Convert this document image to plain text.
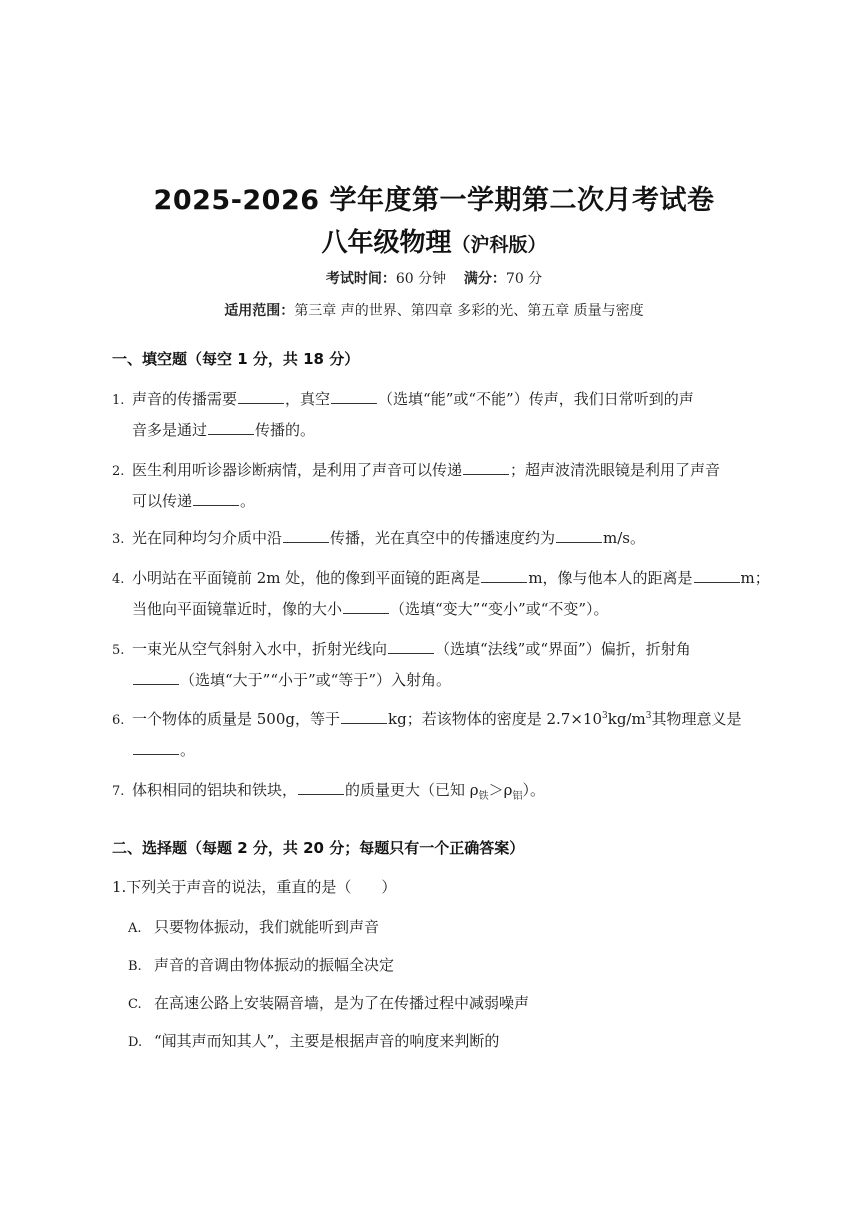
2025-2026 学年度第一学期第二次月考试卷
八年级物理（沪科版）
考试时间：60 分钟 满分：70 分
适用范围：第三章 声的世界、第四章 多彩的光、第五章 质量与密度
一、填空题（每空 1 分，共 18 分）
1. 声音的传播需要	，真空	（选填“能”或“不能”）传声，我们日常听到的声
音多是通过	传播的。
2. 医生利用听诊器诊断病情，是利用了声音可以传递	；超声波清洗眼镜是利用了声音
可以传递	。
3. 光在同种均匀介质中沿	传播，光在真空中的传播速度约为	m/s。
4. 小明站在平面镜前 2m 处，他的像到平面镜的距离是	m，像与他本人的距离是	m；
当他向平面镜靠近时，像的大小	（选填“变大”“变小”或“不变”）。
5. 一束光从空气斜射入水中，折射光线向	（选填“法线”或“界面”）偏折，折射角
（选填“大于”“小于”或“等于”）入射角。
6. 一个物体的质量是 500g，等于	kg；若该物体的密度是 $2.7\times 10^3kg/m^3$其物理意义是
。
7. 体积相同的铝块和铁块，	的质量更大（已知 $\rho_铁>\rho_铝$）。
二、选择题（每题 2 分，共 20 分；每题只有一个正确答案）
1.下列关于声音的说法，重直的是（　　）
A. 只要物体振动，我们就能听到声音
B. 声音的音调由物体振动的振幅全决定
C. 在高速公路上安装隔音墙，是为了在传播过程中减弱噪声
D. “闻其声而知其人”，主要是根据声音的响度来判断的
